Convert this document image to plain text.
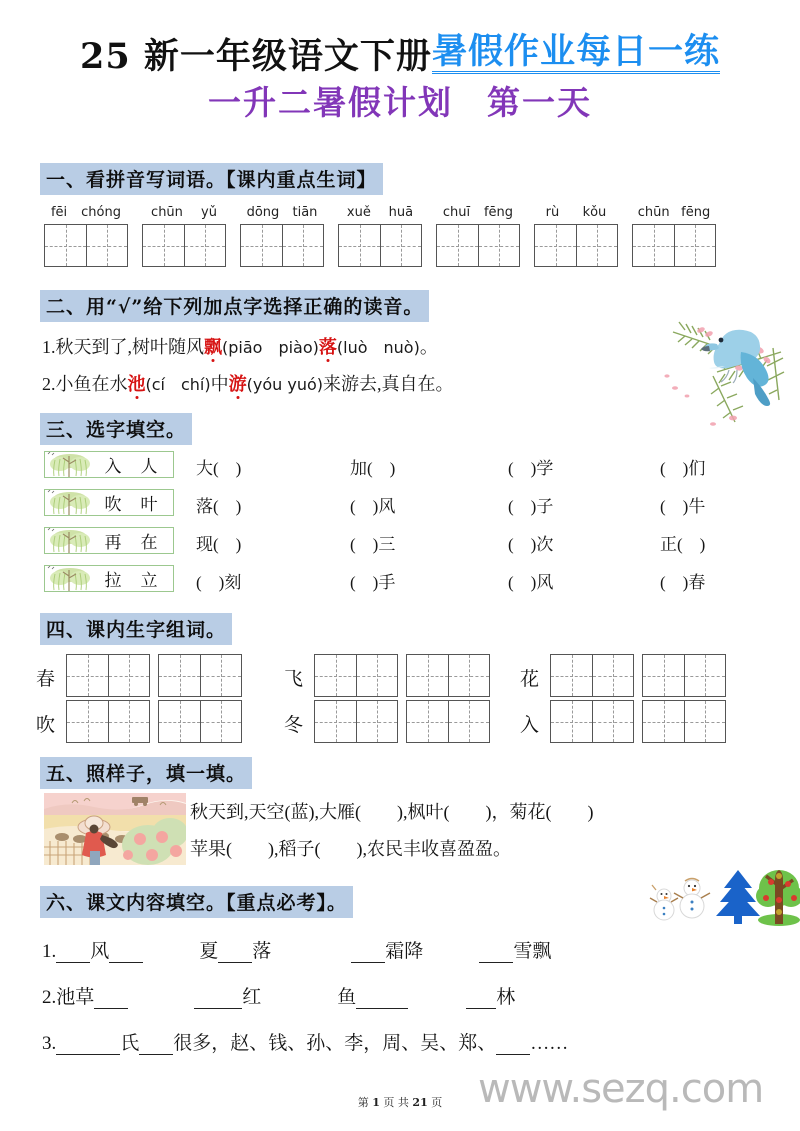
25 新一年级语文下册 暑假作业每日一练
一升二暑假计划 第一天
一、看拼音写词语。【课内重点生词】
fēi chóng chūn yǔ dōng tiān xuě huā chuī fēng	rù kǒu chūn fēng
二、用“√”给下列加点字选择正确的读音。
1.秋天到了,树叶随风飘(piāo　piào)落(luò　nuò)。
2.小鱼在水池(cí　chí)中游(yóu yuó)来游去,真自在。
三、选字填空。
入 人 大(　)	加(　)	(　)学	(　)们
吹 叶 落(　)	(　)风	(　)子	(　)牛
再 在 现(　)	(　)三	(　)次	正(　)
拉 立 (　)刻	(　)手	(　)风	(　)春
四、课内生字组词。
春	飞	花
吹	冬	入
五、照样子，填一填。
秋天到,天空(蓝),大雁(　　),枫叶(　　)，菊花(　　)
苹果(　　),稻子(　　),农民丰收喜盈盈。
六、课文内容填空。【重点必考】。
1. 风	夏 落	霜降	雪飘
2.池草	红	鱼	林
3.	氏 很多，赵、钱、孙、李，周、吴、郑、 ……
第 1 页 共 21 页 www.sezq.com
